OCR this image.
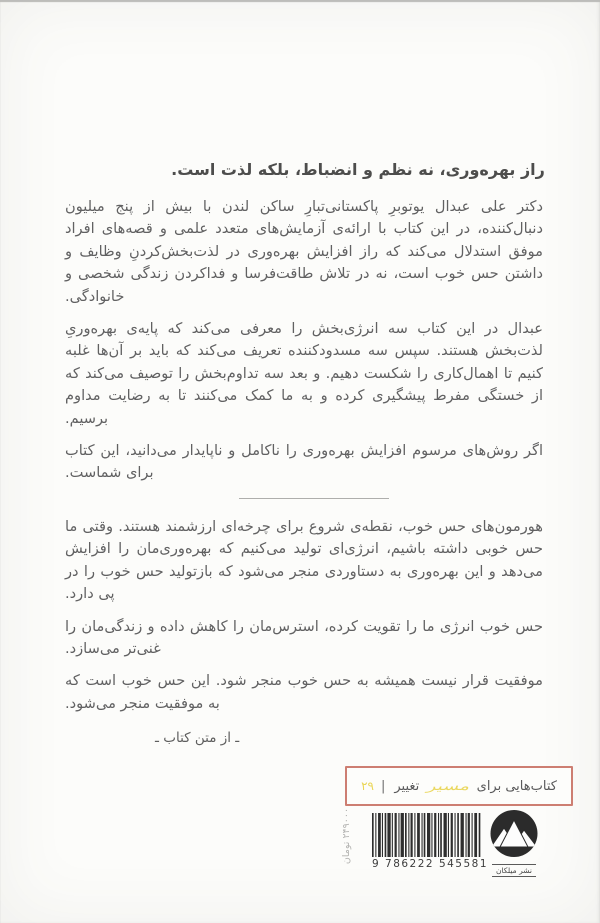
راز بهره‌وری، نه نظم و انضباط، بلکه لذت است.

دکتر علی عبدال یوتوبرِ پاکستانی‌تبارِ ساکن لندن با بیش از پنج میلیون دنبال‌کننده، در این کتاب با ارائه‌ی آزمایش‌های متعدد علمی و قصه‌های افراد موفق استدلال می‌کند که راز افزایش بهره‌وری در لذت‌بخش‌کردنِ وظایف و داشتن حس خوب است، نه در تلاش طاقت‌فرسا و فداکردن زندگی شخصی و خانوادگی.

عبدال در این کتاب سه انرژی‌بخش را معرفی می‌کند که پایه‌ی بهره‌وریِ لذت‌بخش هستند. سپس سه مسدودکننده تعریف می‌کند که باید بر آن‌ها غلبه کنیم تا اهمال‌کاری را شکست دهیم. و بعد سه تداوم‌بخش را توصیف می‌کند که از خستگی مفرط پیشگیری کرده و به ما کمک می‌کنند تا به رضایت مداوم برسیم.

اگر روش‌های مرسوم افزایش بهره‌وری را ناکامل و ناپایدار می‌دانید، این کتاب برای شماست.

هورمون‌های حس خوب، نقطه‌ی شروع برای چرخه‌ای ارزشمند هستند. وقتی ما حس خوبی داشته باشیم، انرژی‌ای تولید می‌کنیم که بهره‌وری‌مان را افزایش می‌دهد و این بهره‌وری به دستاوردی منجر می‌شود که بازتولید حس خوب را در پی دارد.

حس خوب انرژی ما را تقویت کرده، استرس‌مان را کاهش داده و زندگی‌مان را غنی‌تر می‌سازد.

موفقیت قرار نیست همیشه به حس خوب منجر شود. این حس خوب است که به موفقیت منجر می‌شود.

ـ از متن کتاب ـ
کتاب‌هایی برای
مسیر
تغییر
|
۲۹
۲۴۹۰۰۰ تومان
9 786222 545581
نشر میلکان
